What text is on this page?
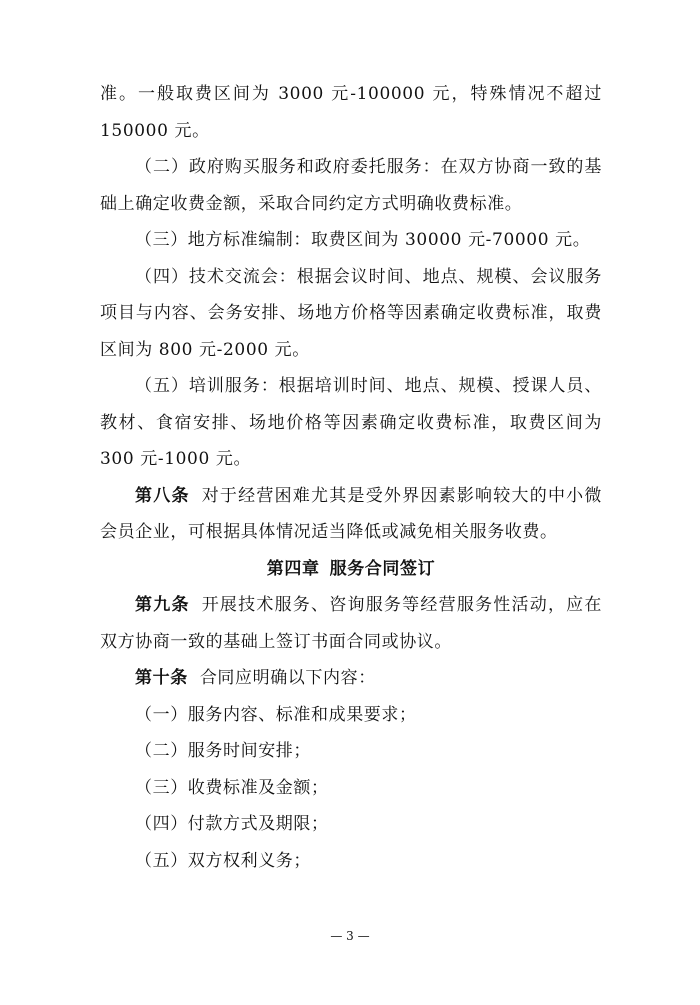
准。一般取费区间为 3000 元-100000 元，特殊情况不超过 150000 元。

（二）政府购买服务和政府委托服务：在双方协商一致的基础上确定收费金额，采取合同约定方式明确收费标准。

（三）地方标准编制：取费区间为 30000 元-70000 元。

（四）技术交流会：根据会议时间、地点、规模、会议服务项目与内容、会务安排、场地方价格等因素确定收费标准，取费区间为 800 元-2000 元。

（五）培训服务：根据培训时间、地点、规模、授课人员、教材、食宿安排、场地价格等因素确定收费标准，取费区间为 300 元-1000 元。

第八条 对于经营困难尤其是受外界因素影响较大的中小微会员企业，可根据具体情况适当降低或减免相关服务收费。

第四章 服务合同签订

第九条 开展技术服务、咨询服务等经营服务性活动，应在双方协商一致的基础上签订书面合同或协议。

第十条 合同应明确以下内容：

（一）服务内容、标准和成果要求；

（二）服务时间安排；

（三）收费标准及金额；

（四）付款方式及期限；

（五）双方权利义务；

— 3 —
